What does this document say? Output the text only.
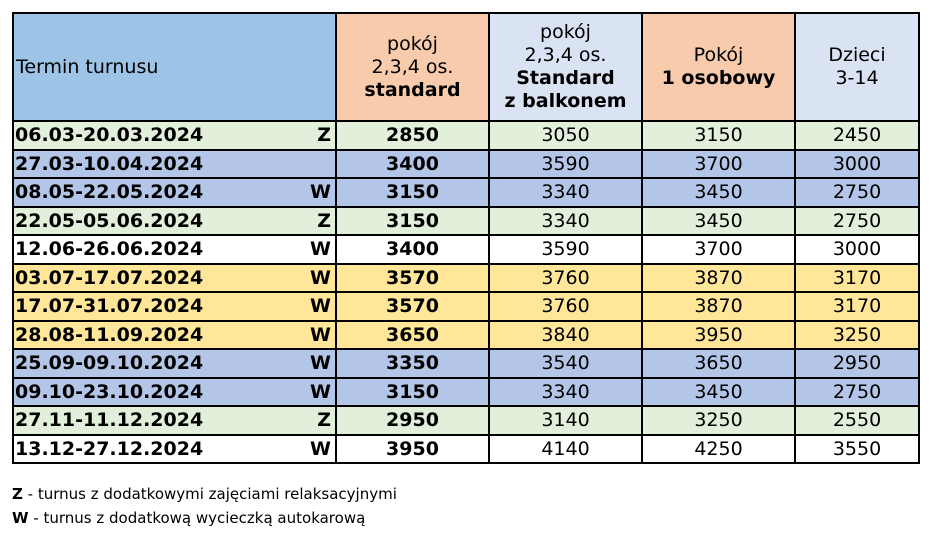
Termin turnusu	pokój
2,3,4 os.
standard	pokój
2,3,4 os.
Standard
z balkonem	Pokój
1 osobowy	Dzieci
3-14

06.03-20.03.2024 Z	2850	3050	3150	2450

27.03-10.04.2024	3400	3590	3700	3000

08.05-22.05.2024 W	3150	3340	3450	2750

22.05-05.06.2024 Z	3150	3340	3450	2750

12.06-26.06.2024 W	3400	3590	3700	3000

03.07-17.07.2024 W	3570	3760	3870	3170

17.07-31.07.2024 W	3570	3760	3870	3170

28.08-11.09.2024 W	3650	3840	3950	3250

25.09-09.10.2024 W	3350	3540	3650	2950

09.10-23.10.2024 W	3150	3340	3450	2750

27.11-11.12.2024 Z	2950	3140	3250	2550

13.12-27.12.2024 W	3950	4140	4250	3550
Z - turnus z dodatkowymi zajęciami relaksacyjnymi
W - turnus z dodatkową wycieczką autokarową
